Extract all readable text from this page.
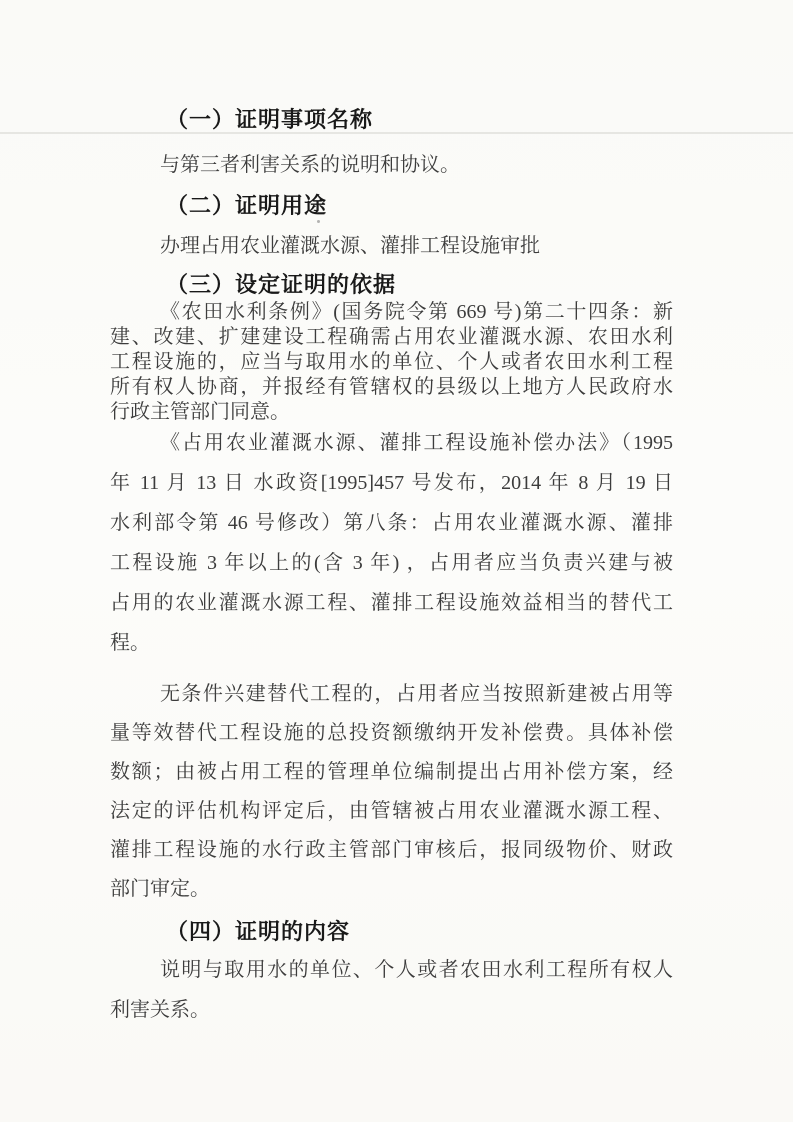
（一）证明事项名称
与第三者利害关系的说明和协议。
（二）证明用途
办理占用农业灌溉水源、灌排工程设施审批
（三）设定证明的依据
《农田水利条例》(国务院令第 669 号)第二十四条：新
建、改建、扩建建设工程确需占用农业灌溉水源、农田水利
工程设施的，应当与取用水的单位、个人或者农田水利工程
所有权人协商，并报经有管辖权的县级以上地方人民政府水
行政主管部门同意。
《占用农业灌溉水源、灌排工程设施补偿办法》（1995
年 11 月 13 日 水政资[1995]457 号发布，2014 年 8 月 19 日
水利部令第 46 号修改）第八条：占用农业灌溉水源、灌排
工程设施 3 年以上的(含 3 年) ，占用者应当负责兴建与被
占用的农业灌溉水源工程、灌排工程设施效益相当的替代工
程。
无条件兴建替代工程的，占用者应当按照新建被占用等
量等效替代工程设施的总投资额缴纳开发补偿费。具体补偿
数额；由被占用工程的管理单位编制提出占用补偿方案，经
法定的评估机构评定后，由管辖被占用农业灌溉水源工程、
灌排工程设施的水行政主管部门审核后，报同级物价、财政
部门审定。
（四）证明的内容
说明与取用水的单位、个人或者农田水利工程所有权人
利害关系。
